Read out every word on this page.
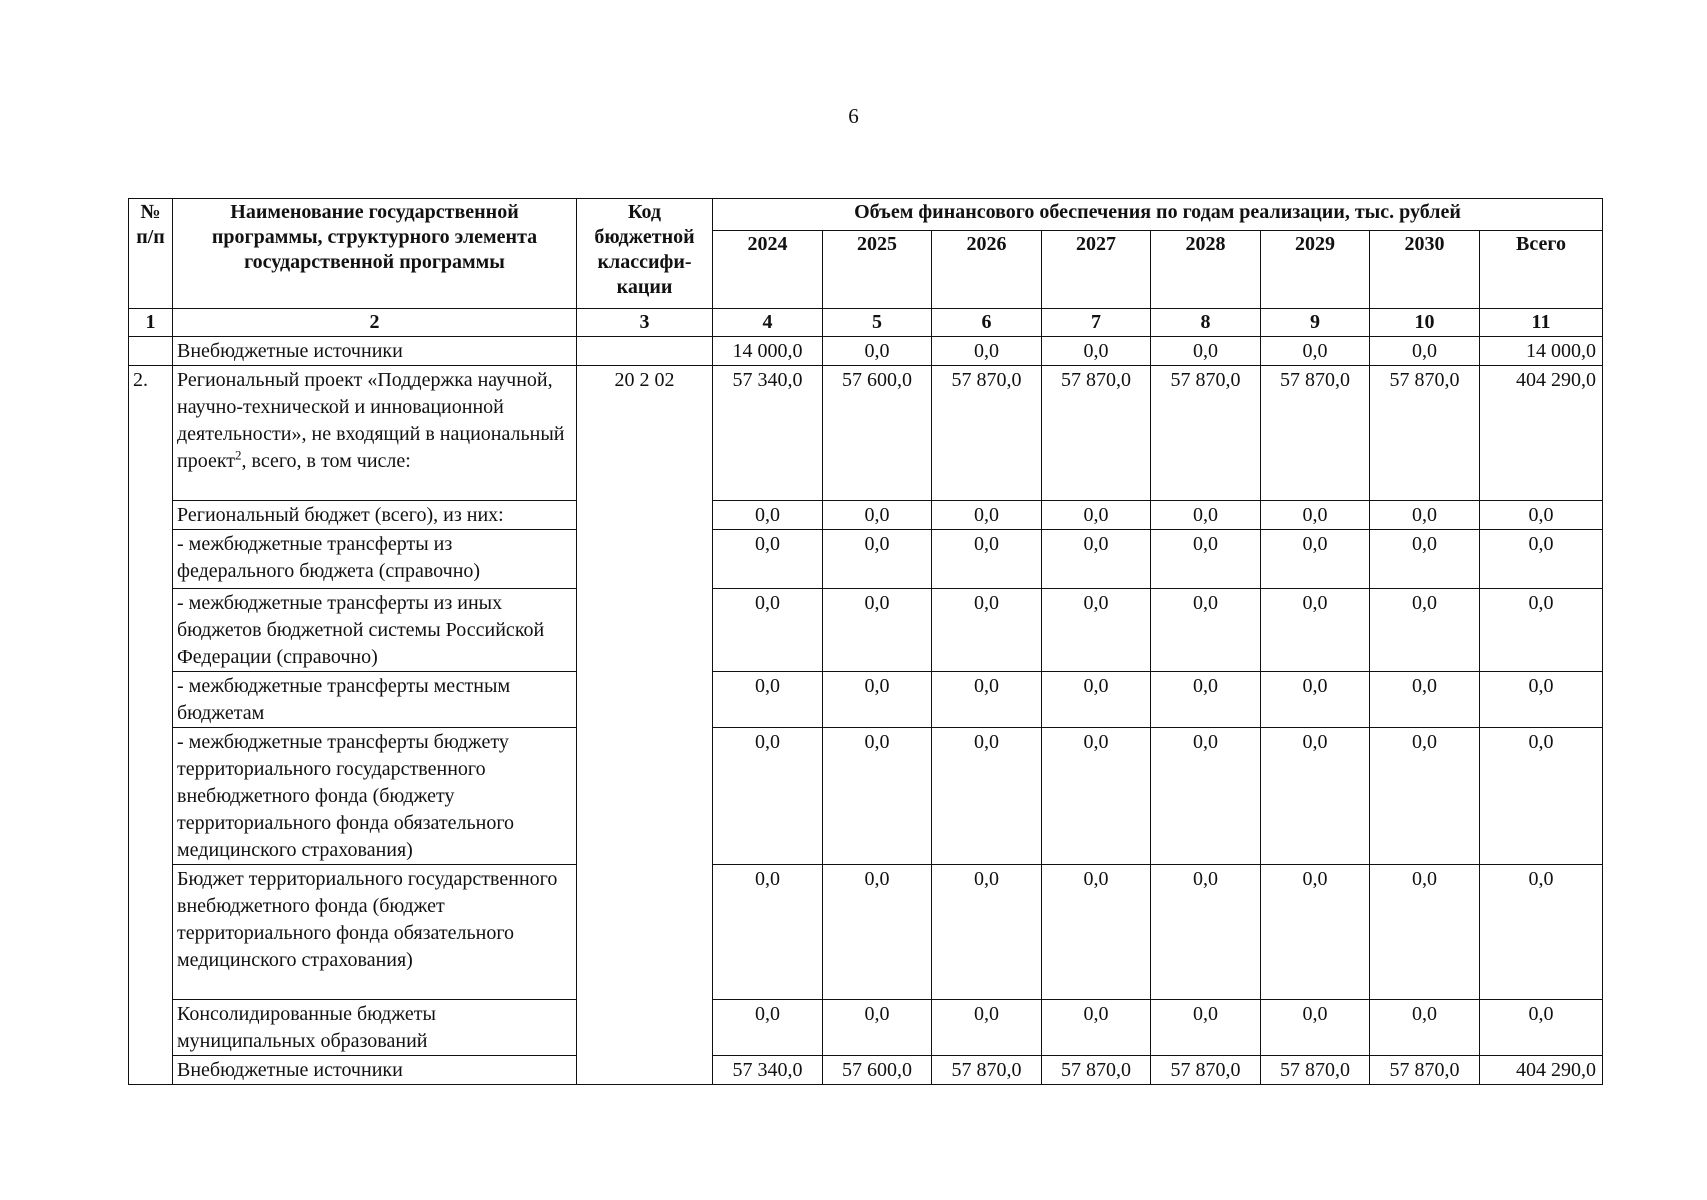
6
№ п/п	Наименование государственной программы, структурного элемента государственной программы	Код бюджетной классифи-кации	Объем финансового обеспечения по годам реализации, тыс. рублей							
			2024	2025	2026	2027	2028	2029	2030	Всего
1	2	3	4	5	6	7	8	9	10	11
	Внебюджетные источники		14 000,0	0,0	0,0	0,0	0,0	0,0	0,0	14 000,0
2.	Региональный проект «Поддержка научной, научно-технической и инновационной деятельности», не входящий в национальный проект$^2$, всего, в том числе:	20 2 02	57 340,0	57 600,0	57 870,0	57 870,0	57 870,0	57 870,0	57 870,0	404 290,0
	Региональный бюджет (всего), из них:		0,0	0,0	0,0	0,0	0,0	0,0	0,0	0,0
	- межбюджетные трансферты из федерального бюджета (справочно)		0,0	0,0	0,0	0,0	0,0	0,0	0,0	0,0
	- межбюджетные трансферты из иных бюджетов бюджетной системы Российской Федерации (справочно)		0,0	0,0	0,0	0,0	0,0	0,0	0,0	0,0
	- межбюджетные трансферты местным бюджетам		0,0	0,0	0,0	0,0	0,0	0,0	0,0	0,0
	- межбюджетные трансферты бюджету территориального государственного внебюджетного фонда (бюджету территориального фонда обязательного медицинского страхования)		0,0	0,0	0,0	0,0	0,0	0,0	0,0	0,0
	Бюджет территориального государственного внебюджетного фонда (бюджет территориального фонда обязательного медицинского страхования)		0,0	0,0	0,0	0,0	0,0	0,0	0,0	0,0
	Консолидированные бюджеты муниципальных образований		0,0	0,0	0,0	0,0	0,0	0,0	0,0	0,0
	Внебюджетные источники		57 340,0	57 600,0	57 870,0	57 870,0	57 870,0	57 870,0	57 870,0	404 290,0
